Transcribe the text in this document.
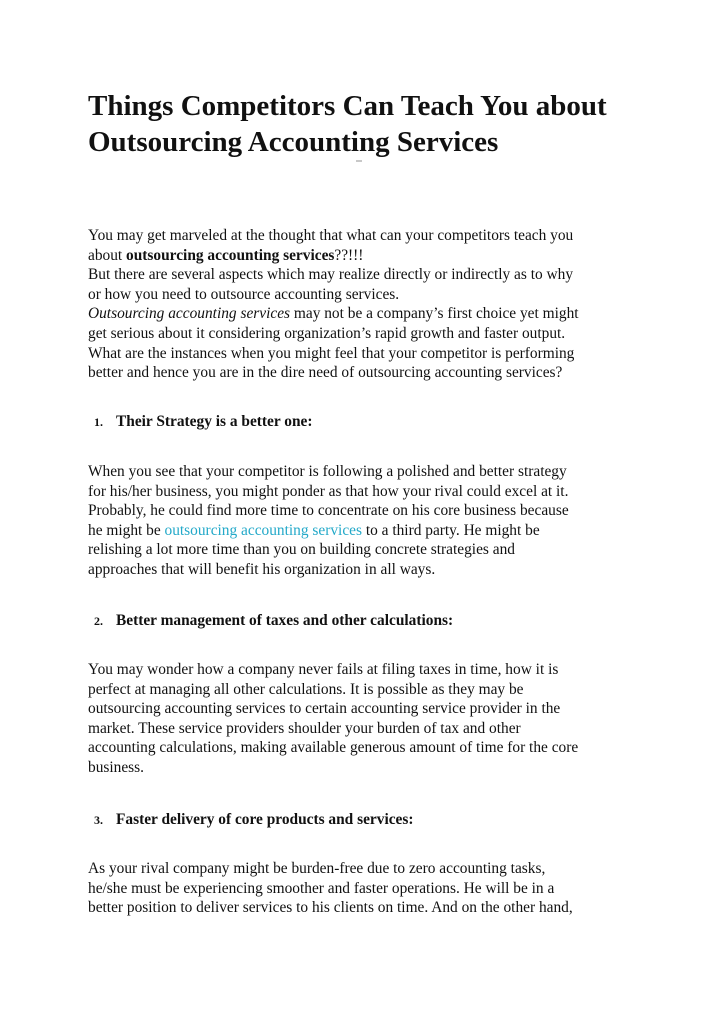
Things Competitors Can Teach You about
Outsourcing Accounting Services

You may get marveled at the thought that what can your competitors teach you

about outsourcing accounting services??!!!

But there are several aspects which may realize directly or indirectly as to why

or how you need to outsource accounting services.

Outsourcing accounting services may not be a company’s first choice yet might

get serious about it considering organization’s rapid growth and faster output.

What are the instances when you might feel that your competitor is performing

better and hence you are in the dire need of outsourcing accounting services?

1. Their Strategy is a better one:

When you see that your competitor is following a polished and better strategy

for his/her business, you might ponder as that how your rival could excel at it.

Probably, he could find more time to concentrate on his core business because

he might be outsourcing accounting services to a third party. He might be

relishing a lot more time than you on building concrete strategies and

approaches that will benefit his organization in all ways.

2. Better management of taxes and other calculations:

You may wonder how a company never fails at filing taxes in time, how it is

perfect at managing all other calculations. It is possible as they may be

outsourcing accounting services to certain accounting service provider in the

market. These service providers shoulder your burden of tax and other

accounting calculations, making available generous amount of time for the core

business.

3. Faster delivery of core products and services:

As your rival company might be burden-free due to zero accounting tasks,

he/she must be experiencing smoother and faster operations. He will be in a

better position to deliver services to his clients on time. And on the other hand,
